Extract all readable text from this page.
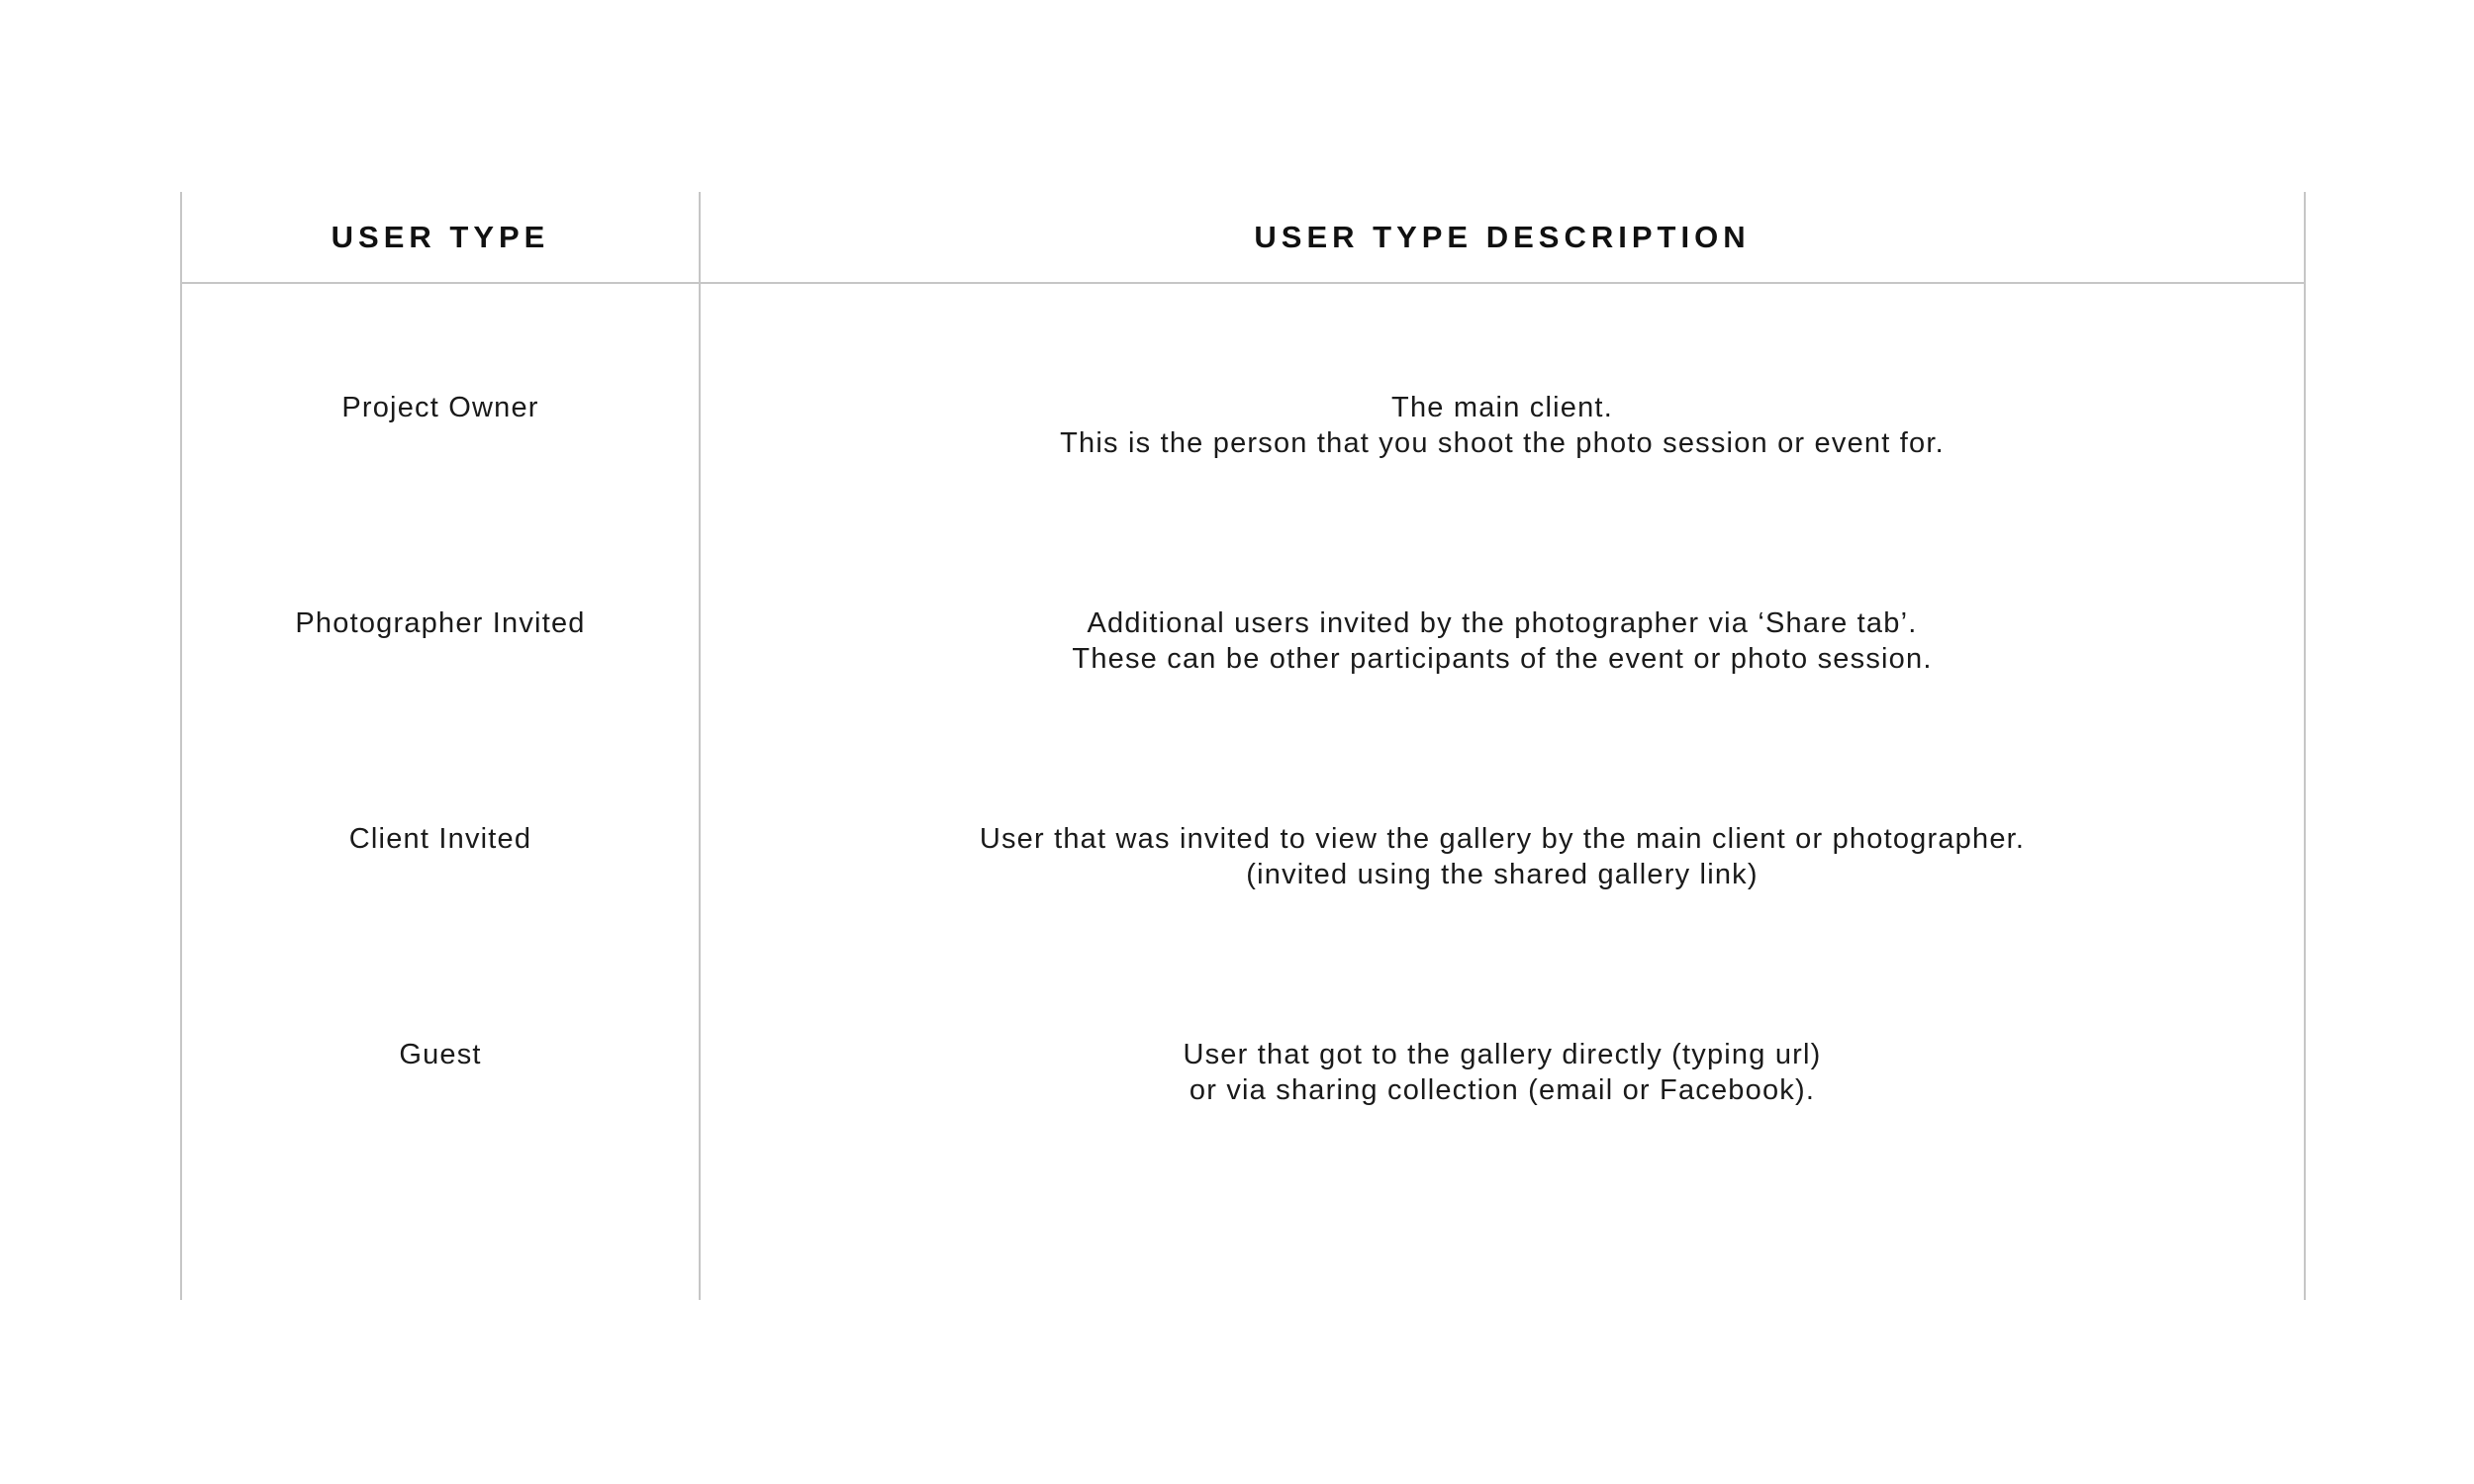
USER TYPE	USER TYPE DESCRIPTION
Project Owner	The main client.
This is the person that you shoot the photo session or event for.
Photographer Invited	Additional users invited by the photographer via ‘Share tab’.
These can be other participants of the event or photo session.
Client Invited	User that was invited to view the gallery by the main client or photographer.
(invited using the shared gallery link)
Guest	User that got to the gallery directly (typing url)
or via sharing collection (email or Facebook).
